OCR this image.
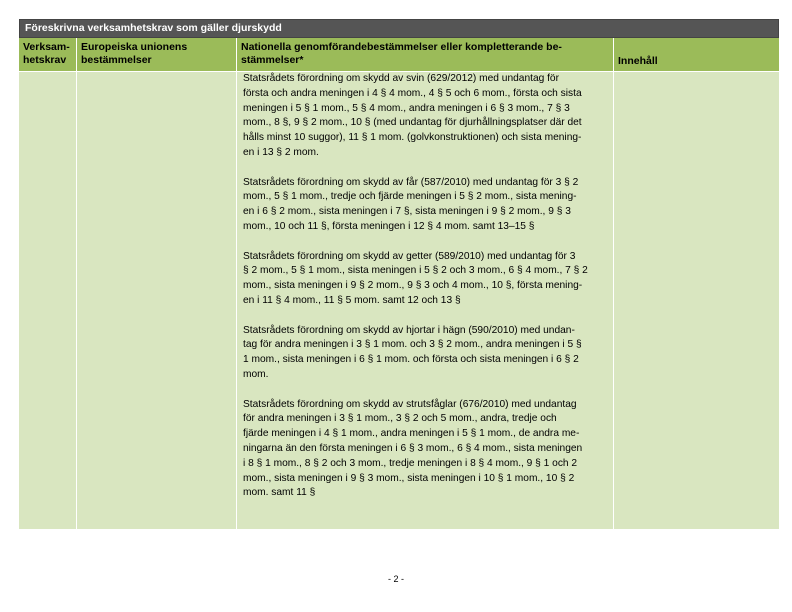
Föreskrivna verksamhetskrav som gäller djurskydd
Verksam-
hetskrav
Europeiska unionens
bestämmelser
Nationella genomförandebestämmelser eller kompletterande be-
stämmelser*	Innehåll

Statsrådets förordning om skydd av svin (629/2012) med undantag för
första och andra meningen i 4 § 4 mom., 4 § 5 och 6 mom., första och sista
meningen i 5 § 1 mom., 5 § 4 mom., andra meningen i 6 § 3 mom., 7 § 3
mom., 8 §, 9 § 2 mom., 10 § (med undantag för djurhållningsplatser där det
hålls minst 10 suggor), 11 § 1 mom. (golvkonstruktionen) och sista mening-
en i 13 § 2 mom.

Statsrådets förordning om skydd av får (587/2010) med undantag för 3 § 2
mom., 5 § 1 mom., tredje och fjärde meningen i 5 § 2 mom., sista mening-
en i 6 § 2 mom., sista meningen i 7 §, sista meningen i 9 § 2 mom., 9 § 3
mom., 10 och 11 §, första meningen i 12 § 4 mom. samt 13–15 §

Statsrådets förordning om skydd av getter (589/2010) med undantag för 3
§ 2 mom., 5 § 1 mom., sista meningen i 5 § 2 och 3 mom., 6 § 4 mom., 7 § 2
mom., sista meningen i 9 § 2 mom., 9 § 3 och 4 mom., 10 §, första mening-
en i 11 § 4 mom., 11 § 5 mom. samt 12 och 13 §

Statsrådets förordning om skydd av hjortar i hägn (590/2010) med undan-
tag för andra meningen i 3 § 1 mom. och 3 § 2 mom., andra meningen i 5 §
1 mom., sista meningen i 6 § 1 mom. och första och sista meningen i 6 § 2
mom.

Statsrådets förordning om skydd av strutsfåglar (676/2010) med undantag
för andra meningen i 3 § 1 mom., 3 § 2 och 5 mom., andra, tredje och
fjärde meningen i 4 § 1 mom., andra meningen i 5 § 1 mom., de andra me-
ningarna än den första meningen i 6 § 3 mom., 6 § 4 mom., sista meningen
i 8 § 1 mom., 8 § 2 och 3 mom., tredje meningen i 8 § 4 mom., 9 § 1 och 2
mom., sista meningen i 9 § 3 mom., sista meningen i 10 § 1 mom., 10 § 2
mom. samt 11 §

- 2 -
